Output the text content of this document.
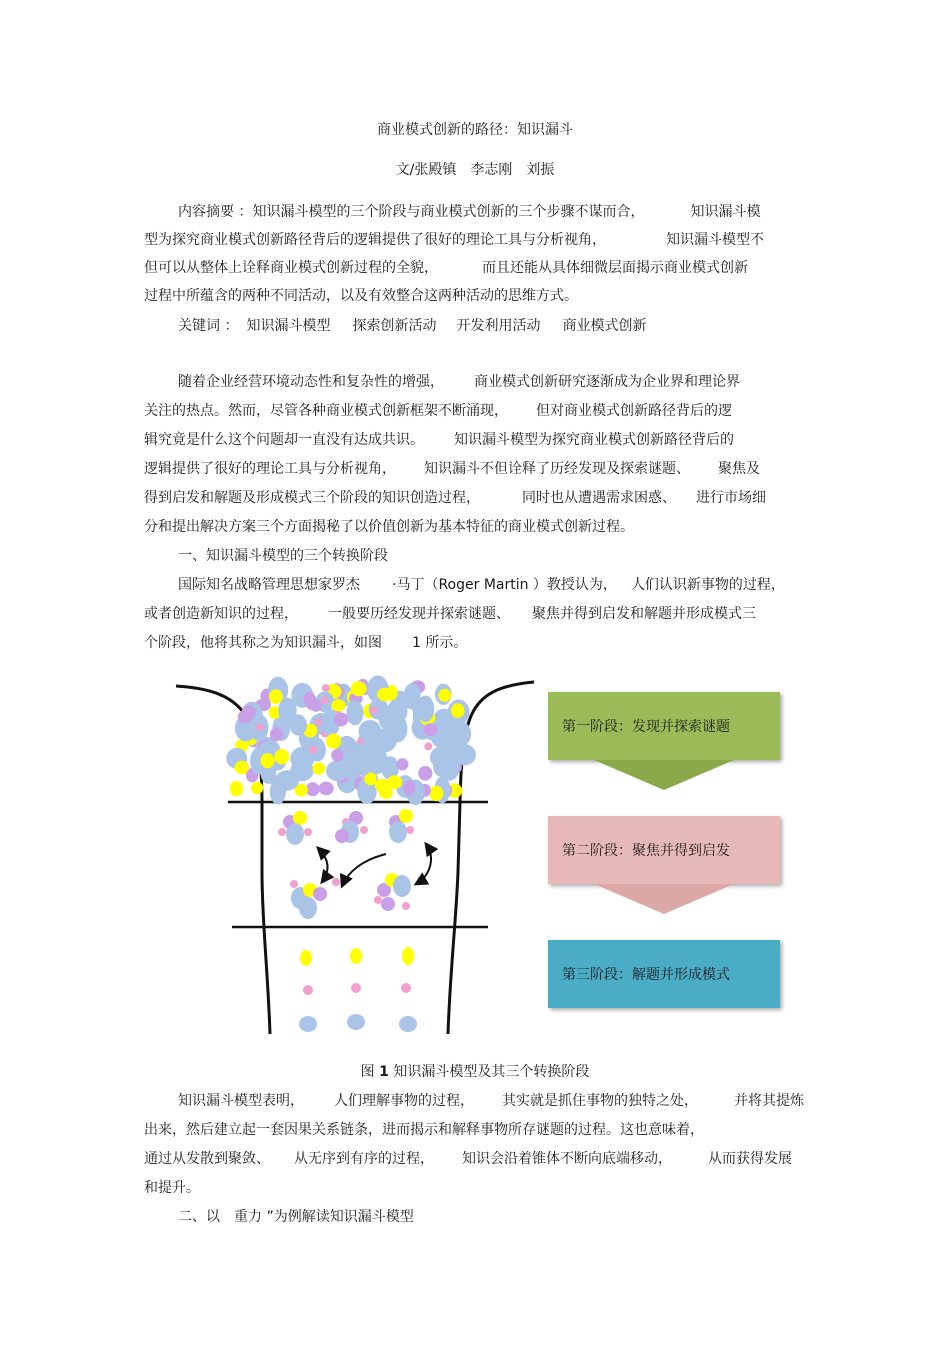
商业模式创新的路径：知识漏斗
文/张殿镇　李志刚　刘振
内容摘要 ：知识漏斗模型的三个阶段与商业模式创新的三个步骤不谋而合，	知识漏斗模
型为探究商业模式创新路径背后的逻辑提供了很好的理论工具与分析视角，	知识漏斗模型不
但可以从整体上诠释商业模式创新过程的全貌，	而且还能从具体细微层面揭示商业模式创新
过程中所蕴含的两种不同活动，以及有效整合这两种活动的思维方式。
关键词 ： 知识漏斗模型 探索创新活动 开发利用活动 商业模式创新
随着企业经营环境动态性和复杂性的增强， 商业模式创新研究逐渐成为企业界和理论界
关注的热点。然而，尽管各种商业模式创新框架不断涌现， 但对商业模式创新路径背后的逻
辑究竟是什么这个问题却一直没有达成共识。 知识漏斗模型为探究商业模式创新路径背后的
逻辑提供了很好的理论工具与分析视角， 知识漏斗不但诠释了历经发现及探索谜题、 聚焦及
得到启发和解题及形成模式三个阶段的知识创造过程，	同时也从遭遇需求困惑、 进行市场细
分和提出解决方案三个方面揭秘了以价值创新为基本特征的商业模式创新过程。
一、知识漏斗模型的三个转换阶段
国际知名战略管理思想家罗杰 ·马丁（Roger Martin ）教授认为， 人们认识新事物的过程，
或者创造新知识的过程， 一般要历经发现并探索谜题、 聚焦并得到启发和解题并形成模式三
个阶段，他将其称之为知识漏斗，如图 1 所示。
第一阶段：发现并探索谜题
第二阶段：聚焦并得到启发
第三阶段：解题并形成模式
图 1 知识漏斗模型及其三个转换阶段
知识漏斗模型表明， 人们理解事物的过程， 其实就是抓住事物的独特之处，	并将其提炼
出来，然后建立起一套因果关系链条，进而揭示和解释事物所存谜题的过程。这也意味着，
通过从发散到聚敛、 从无序到有序的过程， 知识会沿着锥体不断向底端移动，	从而获得发展
和提升。
二、以　重力 ”为例解读知识漏斗模型
